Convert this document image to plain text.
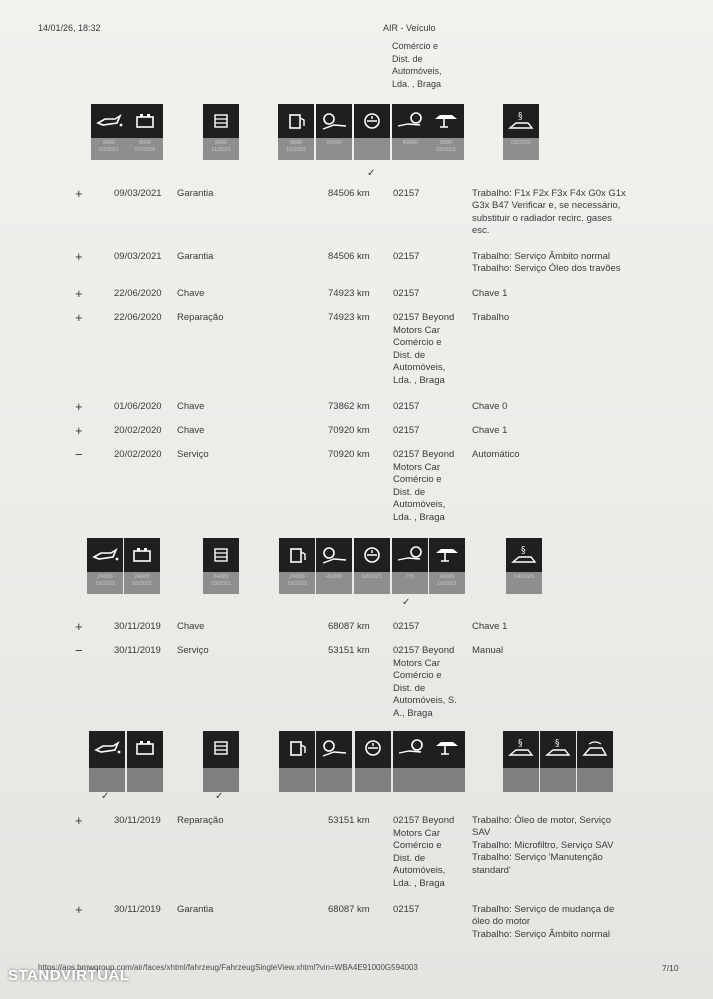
14/01/26, 18:32	AIR - Veículo
Comércio e
Dist. de
Automóveis,
Lda. , Braga
9000
03/2021
9000
07/2024
9000
11/2021
9000
10/2022
21000	40000	9000
03/2021
§
03/2022
✓
24000
10/2021
24000
10/2021
24000
10/2021
24000
10/2021
41000	02/2021	/75	24000
10/2021
§
04/2020
✓
§	§
✓	✓
+	09/03/2021 Garantia	84506 km 02157	Trabalho: F1x F2x F3x F4x G0x G1x
G3x B47 Verificar e, se necessário,
substituir o radiador recirc. gases
esc.
+	09/03/2021 Garantia	84506 km 02157	Trabalho: Serviço Âmbito normal
Trabalho: Serviço Óleo dos travões
+	22/06/2020 Chave	74923 km 02157	Chave 1
+	22/06/2020 Reparação	74923 km 02157 Beyond
Motors Car
Comércio e
Dist. de
Automóveis,
Lda. , Braga
Trabalho
+	01/06/2020 Chave	73862 km 02157	Chave 0
+	20/02/2020 Chave	70920 km 02157	Chave 1
−	20/02/2020 Serviço	70920 km 02157 Beyond
Motors Car
Comércio e
Dist. de
Automóveis,
Lda. , Braga
Automático
+	30/11/2019 Chave	68087 km 02157	Chave 1
−	30/11/2019 Serviço	53151 km 02157 Beyond
Motors Car
Comércio e
Dist. de
Automóveis, S.
A., Braga
Manual
+	30/11/2019 Reparação	53151 km 02157 Beyond
Motors Car
Comércio e
Dist. de
Automóveis,
Lda. , Braga
Trabalho: Óleo de motor, Serviço
SAV
Trabalho: Microfiltro, Serviço SAV
Trabalho: Serviço 'Manutenção
standard'
+	30/11/2019 Garantia	68087 km 02157	Trabalho: Serviço de mudança de
óleo do motor
Trabalho: Serviço Âmbito normal
https://aos.bmwgroup.com/air/faces/xhtml/fahrzeug/FahrzeugSingleView.xhtml?vin=WBA4E91000G594003	7/10
STANDVIRTUAL
